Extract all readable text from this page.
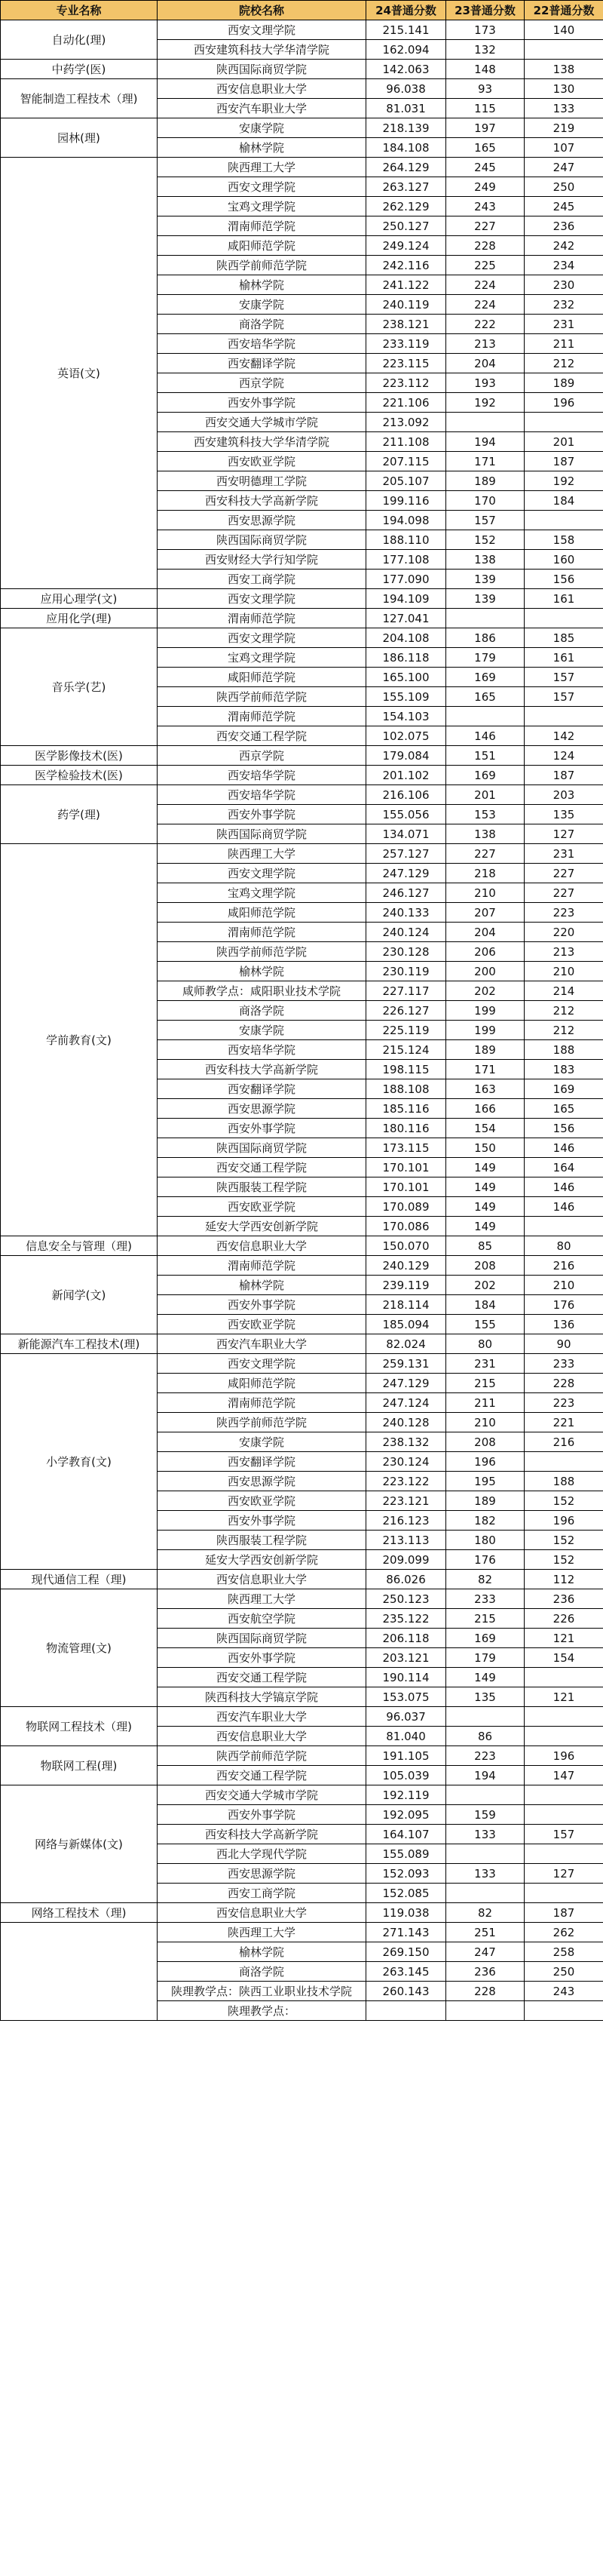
专业名称	院校名称	24普通分数	23普通分数	22普通分数
自动化(理)	西安文理学院	215.141	173	140
	西安建筑科技大学华清学院	162.094	132	
中药学(医)	陕西国际商贸学院	142.063	148	138
智能制造工程技术（理)	西安信息职业大学	96.038	93	130
	西安汽车职业大学	81.031	115	133
园林(理)	安康学院	218.139	197	219
	榆林学院	184.108	165	107
英语(文)	陕西理工大学	264.129	245	247
	西安文理学院	263.127	249	250
	宝鸡文理学院	262.129	243	245
	渭南师范学院	250.127	227	236
	咸阳师范学院	249.124	228	242
	陕西学前师范学院	242.116	225	234
	榆林学院	241.122	224	230
	安康学院	240.119	224	232
	商洛学院	238.121	222	231
	西安培华学院	233.119	213	211
	西安翻译学院	223.115	204	212
	西京学院	223.112	193	189
	西安外事学院	221.106	192	196
	西安交通大学城市学院	213.092		
	西安建筑科技大学华清学院	211.108	194	201
	西安欧亚学院	207.115	171	187
	西安明德理工学院	205.107	189	192
	西安科技大学高新学院	199.116	170	184
	西安思源学院	194.098	157	
	陕西国际商贸学院	188.110	152	158
	西安财经大学行知学院	177.108	138	160
	西安工商学院	177.090	139	156
应用心理学(文)	西安文理学院	194.109	139	161
应用化学(理)	渭南师范学院	127.041		
音乐学(艺)	西安文理学院	204.108	186	185
	宝鸡文理学院	186.118	179	161
	咸阳师范学院	165.100	169	157
	陕西学前师范学院	155.109	165	157
	渭南师范学院	154.103		
	西安交通工程学院	102.075	146	142
医学影像技术(医)	西京学院	179.084	151	124
医学检验技术(医)	西安培华学院	201.102	169	187
药学(理)	西安培华学院	216.106	201	203
	西安外事学院	155.056	153	135
	陕西国际商贸学院	134.071	138	127
学前教育(文)	陕西理工大学	257.127	227	231
	西安文理学院	247.129	218	227
	宝鸡文理学院	246.127	210	227
	咸阳师范学院	240.133	207	223
	渭南师范学院	240.124	204	220
	陕西学前师范学院	230.128	206	213
	榆林学院	230.119	200	210
	咸师教学点：咸阳职业技术学院	227.117	202	214
	商洛学院	226.127	199	212
	安康学院	225.119	199	212
	西安培华学院	215.124	189	188
	西安科技大学高新学院	198.115	171	183
	西安翻译学院	188.108	163	169
	西安思源学院	185.116	166	165
	西安外事学院	180.116	154	156
	陕西国际商贸学院	173.115	150	146
	西安交通工程学院	170.101	149	164
	陕西服装工程学院	170.101	149	146
	西安欧亚学院	170.089	149	146
	延安大学西安创新学院	170.086	149	
信息安全与管理（理)	西安信息职业大学	150.070	85	80
新闻学(文)	渭南师范学院	240.129	208	216
	榆林学院	239.119	202	210
	西安外事学院	218.114	184	176
	西安欧亚学院	185.094	155	136
新能源汽车工程技术(理)	西安汽车职业大学	82.024	80	90
小学教育(文)	西安文理学院	259.131	231	233
	咸阳师范学院	247.129	215	228
	渭南师范学院	247.124	211	223
	陕西学前师范学院	240.128	210	221
	安康学院	238.132	208	216
	西安翻译学院	230.124	196	
	西安思源学院	223.122	195	188
	西安欧亚学院	223.121	189	152
	西安外事学院	216.123	182	196
	陕西服装工程学院	213.113	180	152
	延安大学西安创新学院	209.099	176	152
现代通信工程（理)	西安信息职业大学	86.026	82	112
物流管理(文)	陕西理工大学	250.123	233	236
	西安航空学院	235.122	215	226
	陕西国际商贸学院	206.118	169	121
	西安外事学院	203.121	179	154
	西安交通工程学院	190.114	149	
	陕西科技大学镐京学院	153.075	135	121
物联网工程技术（理)	西安汽车职业大学	96.037		
	西安信息职业大学	81.040	86	
物联网工程(理)	陕西学前师范学院	191.105	223	196
	西安交通工程学院	105.039	194	147
网络与新媒体(文)	西安交通大学城市学院	192.119		
	西安外事学院	192.095	159	
	西安科技大学高新学院	164.107	133	157
	西北大学现代学院	155.089		
	西安思源学院	152.093	133	127
	西安工商学院	152.085		
网络工程技术（理)	西安信息职业大学	119.038	82	187
	陕西理工大学	271.143	251	262
	榆林学院	269.150	247	258
	商洛学院	263.145	236	250
	陕理教学点：陕西工业职业技术学院	260.143	228	243
	陕理教学点：			
